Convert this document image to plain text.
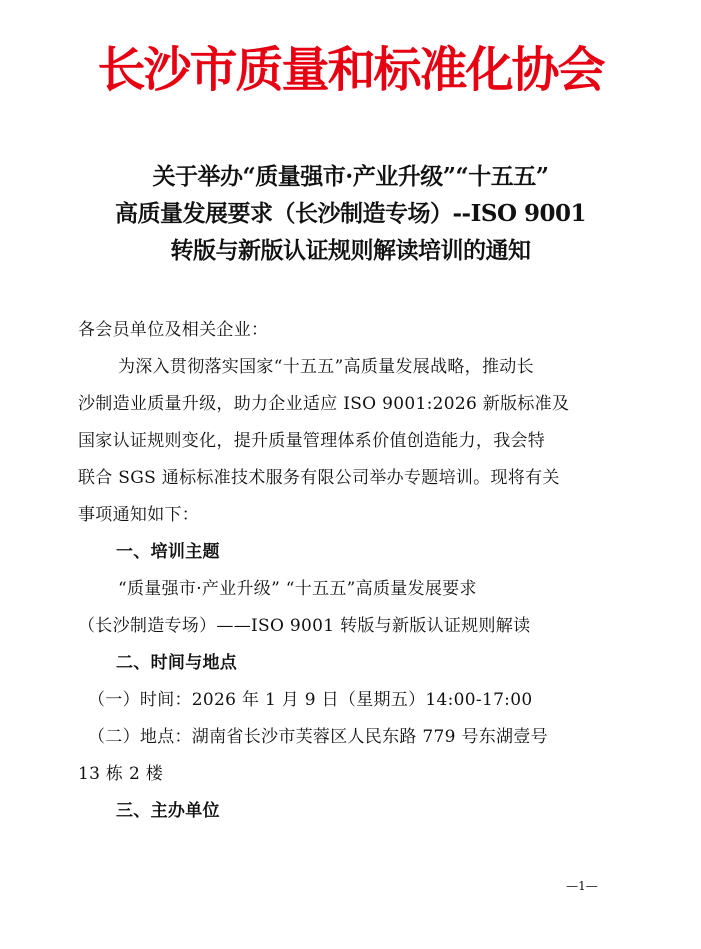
长沙市质量和标准化协会
关于举办“质量强市·产业升级”“十五五”
高质量发展要求（长沙制造专场）--ISO 9001
转版与新版认证规则解读培训的通知
各会员单位及相关企业：
为深入贯彻落实国家“十五五”高质量发展战略，推动长
沙制造业质量升级，助力企业适应 ISO 9001:2026 新版标准及
国家认证规则变化，提升质量管理体系价值创造能力，我会特
联合 SGS 通标标准技术服务有限公司举办专题培训。现将有关
事项通知如下：
一、培训主题
“质量强市·产业升级” “十五五”高质量发展要求
（长沙制造专场）——ISO 9001 转版与新版认证规则解读
二、时间与地点
（一）时间：2026 年 1 月 9 日（星期五）14:00-17:00
（二）地点：湖南省长沙市芙蓉区人民东路 779 号东湖壹号
13 栋 2 楼
三、主办单位
—1—
